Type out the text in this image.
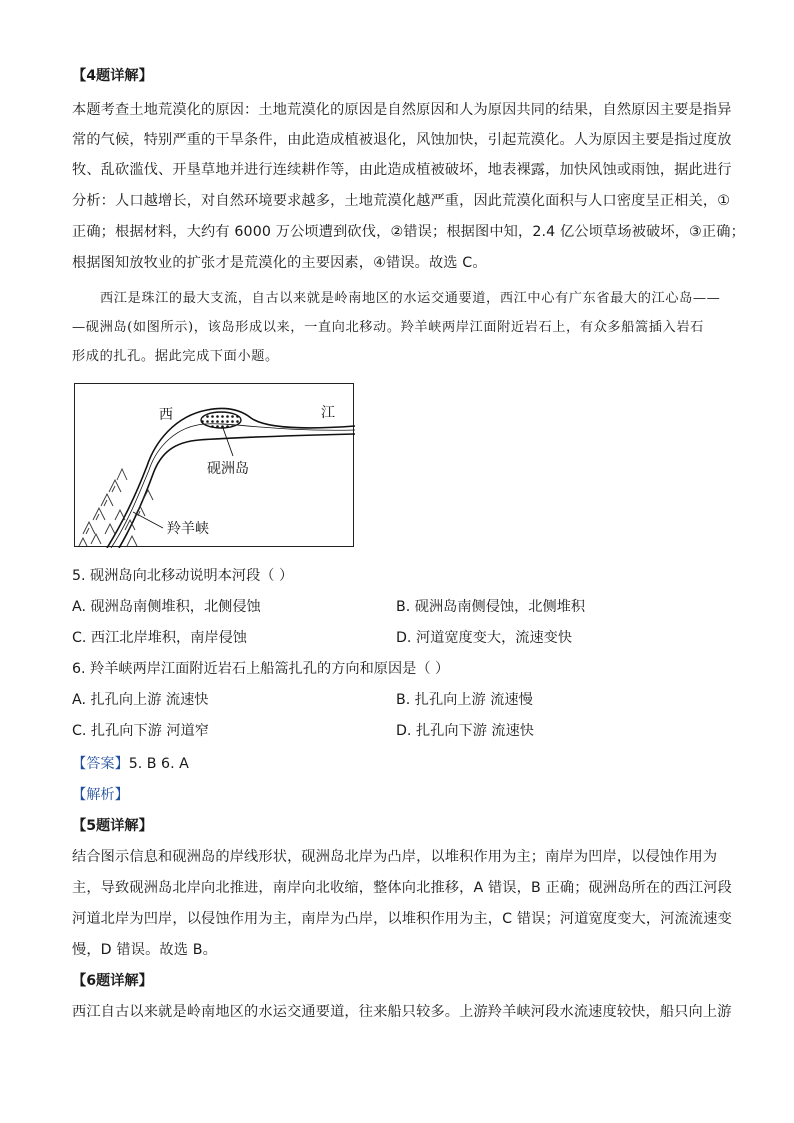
【4题详解】
本题考查土地荒漠化的原因：土地荒漠化的原因是自然原因和人为原因共同的结果，自然原因主要是指异
常的气候，特别严重的干旱条件，由此造成植被退化，风蚀加快，引起荒漠化。人为原因主要是指过度放
牧、乱砍滥伐、开垦草地并进行连续耕作等，由此造成植被破坏，地表裸露，加快风蚀或雨蚀，据此进行
分析：人口越增长，对自然环境要求越多，土地荒漠化越严重，因此荒漠化面积与人口密度呈正相关，①
正确；根据材料，大约有 6000 万公顷遭到砍伐，②错误；根据图中知，2.4 亿公顷草场被破坏，③正确；
根据图知放牧业的扩张才是荒漠化的主要因素，④错误。故选 C。
西江是珠江的最大支流，自古以来就是岭南地区的水运交通要道，西江中心有广东省最大的江心岛——
—砚洲岛(如图所示)，该岛形成以来，一直向北移动。羚羊峡两岸江面附近岩石上，有众多船篙插入岩石
形成的扎孔。据此完成下面小题。
西	江
砚洲岛
羚羊峡
5. 砚洲岛向北移动说明本河段（ ）
A. 砚洲岛南侧堆积，北侧侵蚀	B. 砚洲岛南侧侵蚀，北侧堆积
C. 西江北岸堆积，南岸侵蚀	D. 河道宽度变大，流速变快
6. 羚羊峡两岸江面附近岩石上船篙扎孔的方向和原因是（ ）
A. 扎孔向上游 流速快	B. 扎孔向上游 流速慢
C. 扎孔向下游 河道窄	D. 扎孔向下游 流速快
【答案】5. B 6. A
【解析】
【5题详解】
结合图示信息和砚洲岛的岸线形状，砚洲岛北岸为凸岸，以堆积作用为主；南岸为凹岸，以侵蚀作用为
主，导致砚洲岛北岸向北推进，南岸向北收缩，整体向北推移，A 错误，B 正确；砚洲岛所在的西江河段
河道北岸为凹岸，以侵蚀作用为主，南岸为凸岸，以堆积作用为主，C 错误；河道宽度变大，河流流速变
慢，D 错误。故选 B。
【6题详解】
西江自古以来就是岭南地区的水运交通要道，往来船只较多。上游羚羊峡河段水流速度较快，船只向上游
